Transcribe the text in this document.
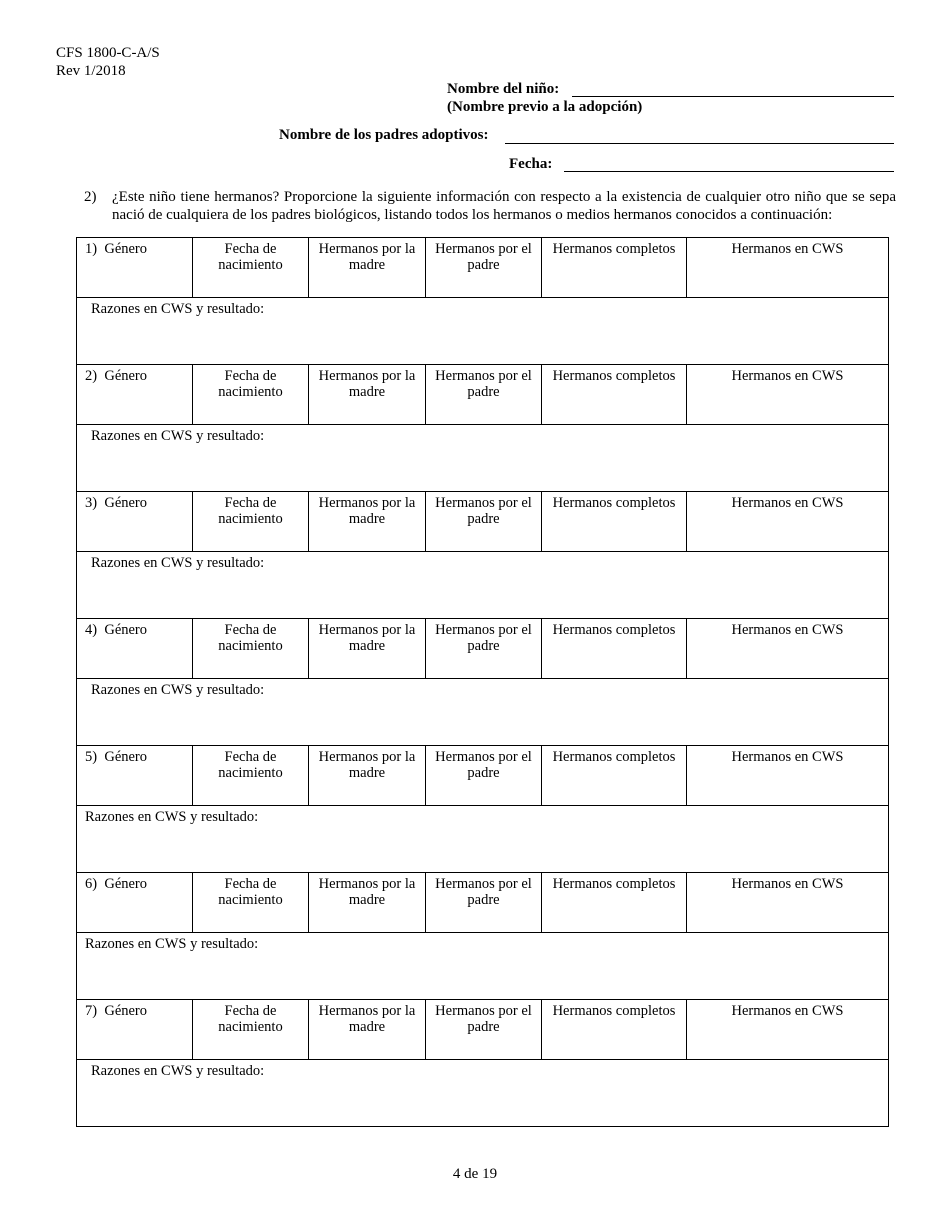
CFS 1800-C-A/S
Rev 1/2018
Nombre del niño:
(Nombre previo a la adopción)
Nombre de los padres adoptivos:
Fecha:
2) ¿Este niño tiene hermanos? Proporcione la siguiente información con respecto a la existencia de cualquier otro niño que se sepa nació de cualquiera de los padres biológicos, listando todos los hermanos o medios hermanos conocidos a continuación:
1) Género	Fecha de nacimiento	Hermanos por la madre	Hermanos por el padre	Hermanos completos	Hermanos en CWS

Razones en CWS y resultado:					

2) Género	Fecha de nacimiento	Hermanos por la madre	Hermanos por el padre	Hermanos completos	Hermanos en CWS

Razones en CWS y resultado:					

3) Género	Fecha de nacimiento	Hermanos por la madre	Hermanos por el padre	Hermanos completos	Hermanos en CWS

Razones en CWS y resultado:					

4) Género	Fecha de nacimiento	Hermanos por la madre	Hermanos por el padre	Hermanos completos	Hermanos en CWS

Razones en CWS y resultado:					

5) Género	Fecha de nacimiento	Hermanos por la madre	Hermanos por el padre	Hermanos completos	Hermanos en CWS

Razones en CWS y resultado:					

6) Género	Fecha de nacimiento	Hermanos por la madre	Hermanos por el padre	Hermanos completos	Hermanos en CWS

Razones en CWS y resultado:					

7) Género	Fecha de nacimiento	Hermanos por la madre	Hermanos por el padre	Hermanos completos	Hermanos en CWS

Razones en CWS y resultado:					
4 de 19
